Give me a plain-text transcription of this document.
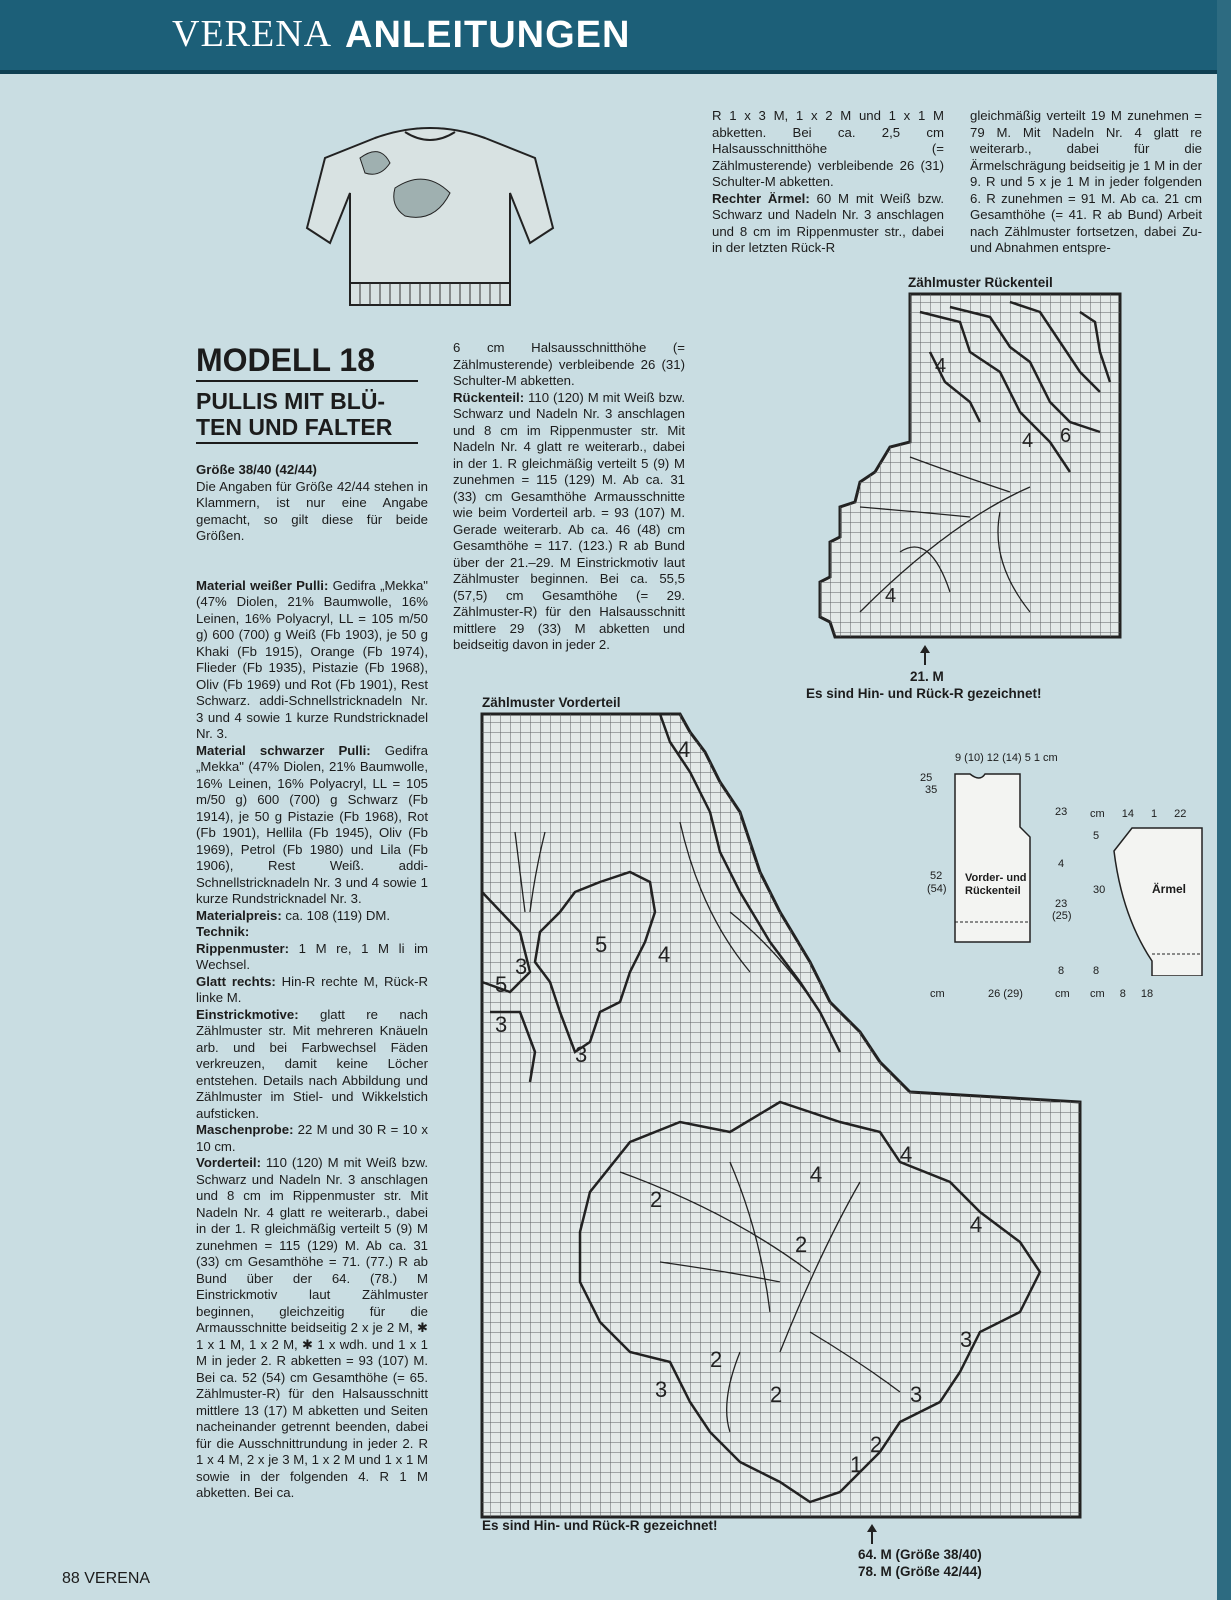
VERENA ANLEITUNGEN
MODELL 18
PULLIS MIT BLÜ-
TEN UND FALTER

Größe 38/40 (42/44)

Die Angaben für Größe 42/44 stehen in Klammern, ist nur eine Angabe gemacht, so gilt diese für beide Größen.

Material weißer Pulli: Gedifra „Mekka" (47% Diolen, 21% Baumwolle, 16% Leinen, 16% Polyacryl, LL = 105 m/50 g) 600 (700) g Weiß (Fb 1903), je 50 g Khaki (Fb 1915), Orange (Fb 1974), Flieder (Fb 1935), Pistazie (Fb 1968), Oliv (Fb 1969) und Rot (Fb 1901), Rest Schwarz. addi-Schnellstricknadeln Nr. 3 und 4 sowie 1 kurze Rundstricknadel Nr. 3.

Material schwarzer Pulli: Gedifra „Mekka" (47% Diolen, 21% Baumwolle, 16% Leinen, 16% Polyacryl, LL = 105 m/50 g) 600 (700) g Schwarz (Fb 1914), je 50 g Pistazie (Fb 1968), Rot (Fb 1901), Hellila (Fb 1945), Oliv (Fb 1969), Petrol (Fb 1980) und Lila (Fb 1906), Rest Weiß. addi-Schnellstricknadeln Nr. 3 und 4 sowie 1 kurze Rundstricknadel Nr. 3.

Materialpreis: ca. 108 (119) DM.

Technik:

Rippenmuster: 1 M re, 1 M li im Wechsel.

Glatt rechts: Hin-R rechte M, Rück-R linke M.

Einstrickmotive: glatt re nach Zählmuster str. Mit mehreren Knäueln arb. und bei Farbwechsel Fäden verkreuzen, damit keine Löcher entstehen. Details nach Abbildung und Zählmuster im Stiel- und Wikkelstich aufsticken.

Maschenprobe: 22 M und 30 R = 10 x 10 cm.

Vorderteil: 110 (120) M mit Weiß bzw. Schwarz und Nadeln Nr. 3 anschlagen und 8 cm im Rippenmuster str. Mit Nadeln Nr. 4 glatt re weiterarb., dabei in der 1. R gleichmäßig verteilt 5 (9) M zunehmen = 115 (129) M. Ab ca. 31 (33) cm Gesamthöhe = 71. (77.) R ab Bund über der 64. (78.) M Einstrickmotiv laut Zählmuster beginnen, gleichzeitig für die Armausschnitte beidseitig 2 x je 2 M, ✱ 1 x 1 M, 1 x 2 M, ✱ 1 x wdh. und 1 x 1 M in jeder 2. R abketten = 93 (107) M. Bei ca. 52 (54) cm Gesamthöhe (= 65. Zählmuster-R) für den Halsausschnitt mittlere 13 (17) M abketten und Seiten nacheinander getrennt beenden, dabei für die Ausschnittrundung in jeder 2. R 1 x 4 M, 2 x je 3 M, 1 x 2 M und 1 x 1 M sowie in der folgenden 4. R 1 M abketten. Bei ca.

6 cm Halsausschnitthöhe (= Zählmusterende) verbleibende 26 (31) Schulter-M abketten.

Rückenteil: 110 (120) M mit Weiß bzw. Schwarz und Nadeln Nr. 3 anschlagen und 8 cm im Rippenmuster str. Mit Nadeln Nr. 4 glatt re weiterarb., dabei in der 1. R gleichmäßig verteilt 5 (9) M zunehmen = 115 (129) M. Ab ca. 31 (33) cm Gesamthöhe Armausschnitte wie beim Vorderteil arb. = 93 (107) M. Gerade weiterarb. Ab ca. 46 (48) cm Gesamthöhe = 117. (123.) R ab Bund über der 21.–29. M Einstrickmotiv laut Zählmuster beginnen. Bei ca. 55,5 (57,5) cm Gesamthöhe (= 29. Zählmuster-R) für den Halsausschnitt mittlere 29 (33) M abketten und beidseitig davon in jeder 2.

R 1 x 3 M, 1 x 2 M und 1 x 1 M abketten. Bei ca. 2,5 cm Halsausschnitthöhe (= Zählmusterende) verbleibende 26 (31) Schulter-M abketten.

Rechter Ärmel: 60 M mit Weiß bzw. Schwarz und Nadeln Nr. 3 anschlagen und 8 cm im Rippenmuster str., dabei in der letzten Rück-R

gleichmäßig verteilt 19 M zunehmen = 79 M. Mit Nadeln Nr. 4 glatt re weiterarb., dabei für die Ärmelschrägung beidseitig je 1 M in der 9. R und 5 x je 1 M in jeder folgenden 6. R zunehmen = 91 M. Ab ca. 21 cm Gesamthöhe (= 41. R ab Bund) Arbeit nach Zählmuster fortsetzen, dabei Zu- und Abnahmen entspre-

Zählmuster Rückenteil
4
4 6
4
21. M
Es sind Hin- und Rück-R gezeichnet!
Zählmuster Vorderteil
4
4
5
3
5
3
3
4
2
4
4
3
2
2
3	3
2
1
2
Es sind Hin- und Rück-R gezeichnet!
64. M (Größe 38/40)
78. M (Größe 42/44)
9 (10) 12 (14) 5 1 cm
Vorder- und Rückenteil
25
35
52
(54)
23
4
23
(25)
8
cm	26 (29)	cm
cm 14 1 22
Ärmel
5
30
8
cm 8 18
88 VERENA
